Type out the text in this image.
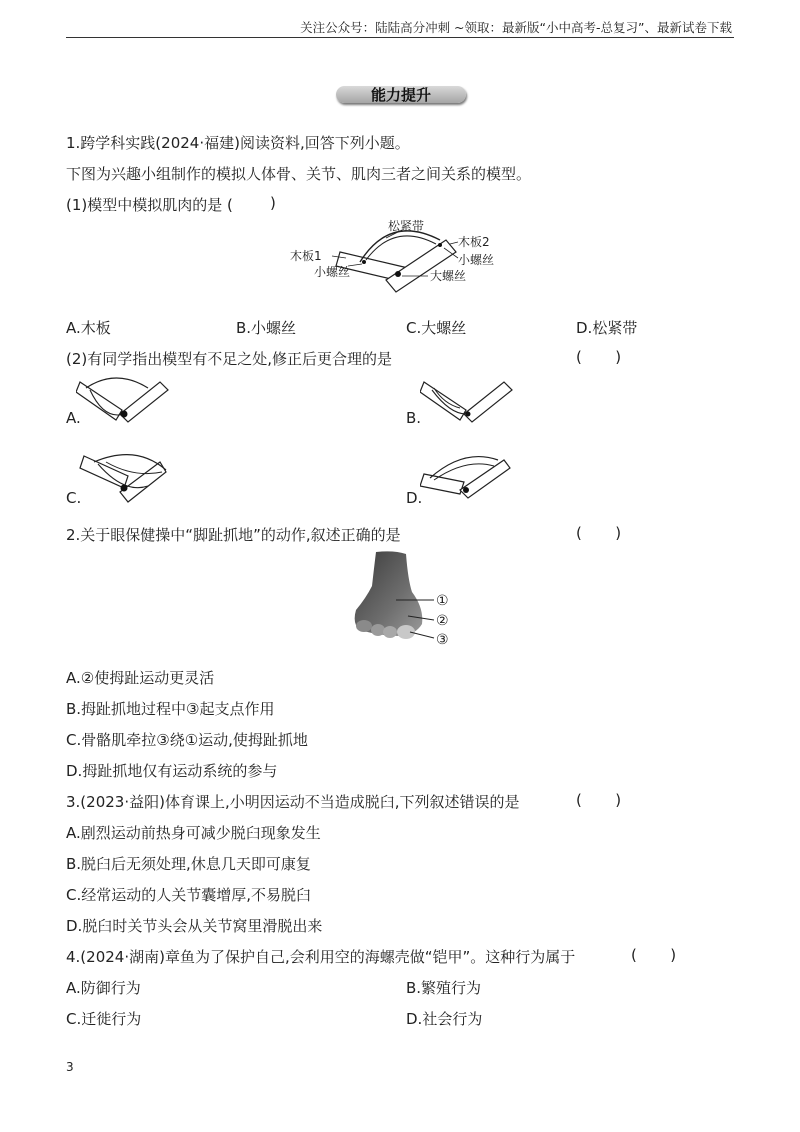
关注公众号：陆陆高分冲刺 ~领取：最新版“小中高考-总复习”、最新试卷下载
能力提升
1.跨学科实践(2024·福建)阅读资料,回答下列小题。
下图为兴趣小组制作的模拟人体骨、关节、肌肉三者之间关系的模型。
(1)模型中模拟肌肉的是 ( )
松紧带
木板1
木板2
小螺丝
小螺丝	大螺丝
A.木板	B.小螺丝	C.大螺丝	D.松紧带
(2)有同学指出模型有不足之处,修正后更合理的是	(       )
A.	B.
C.	D.
2.关于眼保健操中“脚趾抓地”的动作,叙述正确的是	(       )
①
②
③
A.②使拇趾运动更灵活
B.拇趾抓地过程中③起支点作用
C.骨骼肌牵拉③绕①运动,使拇趾抓地
D.拇趾抓地仅有运动系统的参与
3.(2023·益阳)体育课上,小明因运动不当造成脱臼,下列叙述错误的是	(       )
A.剧烈运动前热身可减少脱臼现象发生
B.脱臼后无须处理,休息几天即可康复
C.经常运动的人关节囊增厚,不易脱臼
D.脱臼时关节头会从关节窝里滑脱出来
4.(2024·湖南)章鱼为了保护自己,会利用空的海螺壳做“铠甲”。这种行为属于	(       )
A.防御行为	B.繁殖行为
C.迁徙行为	D.社会行为
3
